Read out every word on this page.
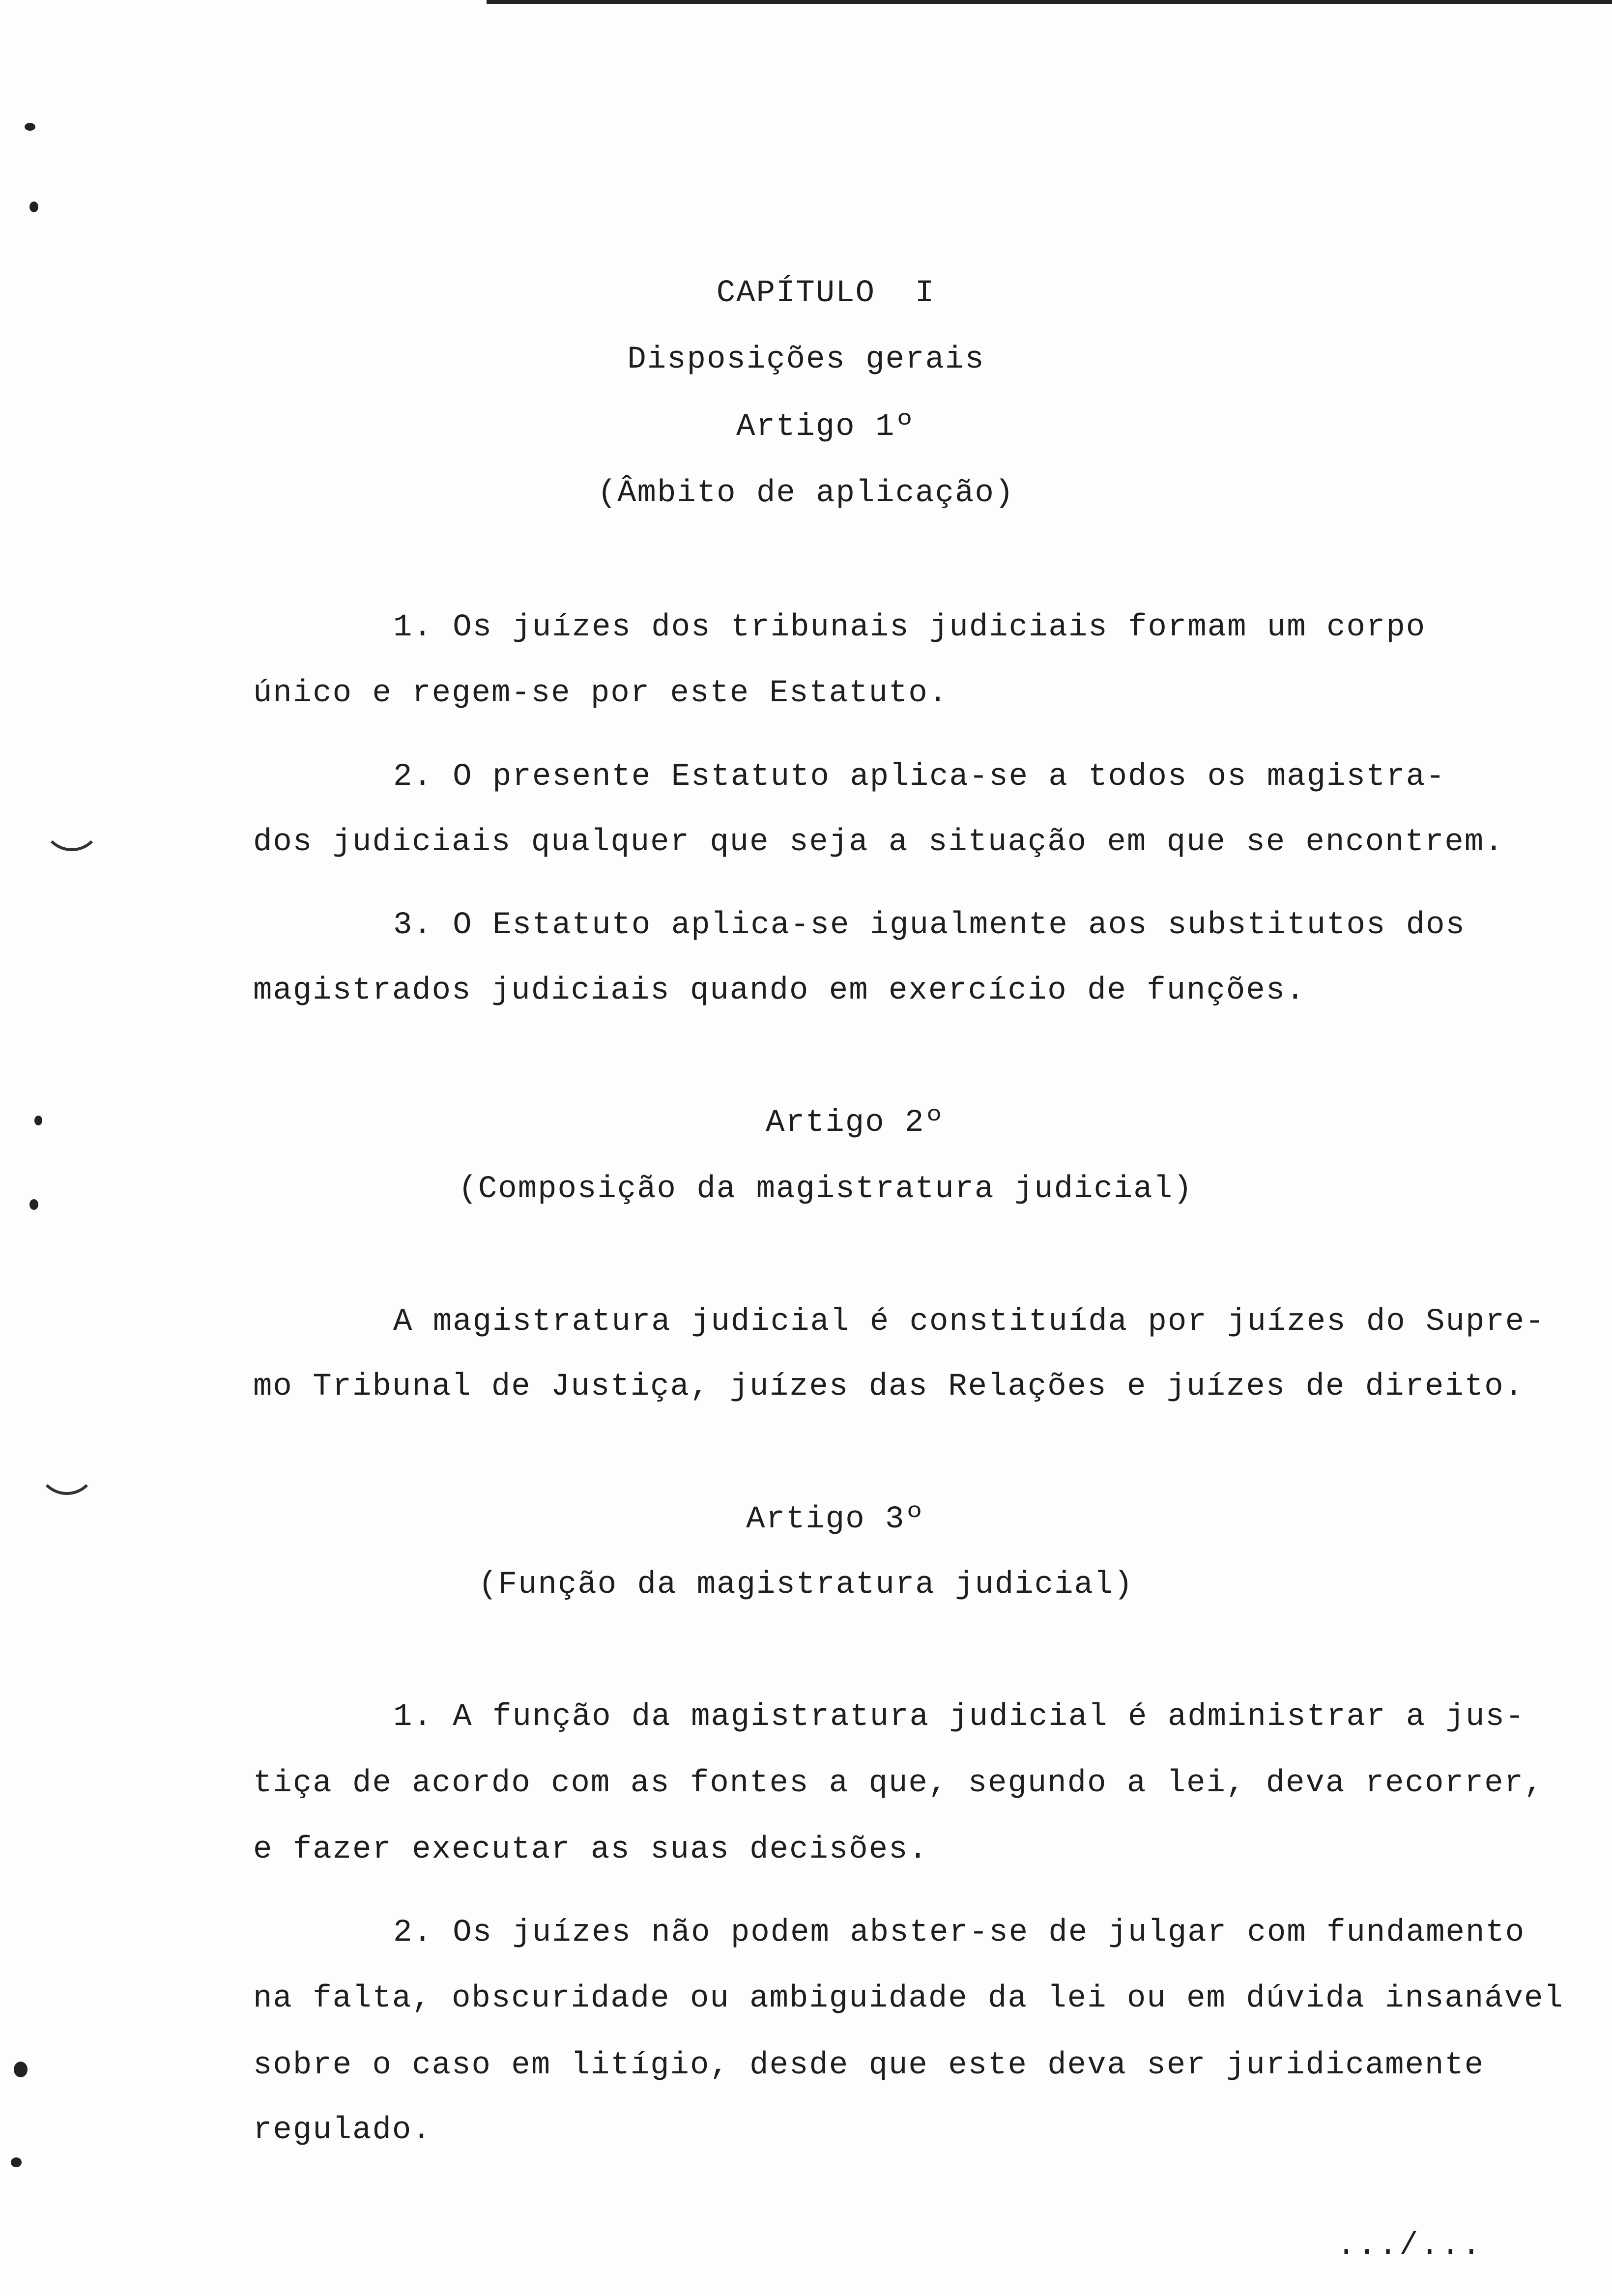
CAPÍTULO  I
Disposições gerais
Artigo 1º
(Âmbito de aplicação)
1. Os juízes dos tribunais judiciais formam um corpo
único e regem-se por este Estatuto.
2. O presente Estatuto aplica-se a todos os magistra-
dos judiciais qualquer que seja a situação em que se encontrem.
3. O Estatuto aplica-se igualmente aos substitutos dos
magistrados judiciais quando em exercício de funções.
Artigo 2º
(Composição da magistratura judicial)
A magistratura judicial é constituída por juízes do Supre-
mo Tribunal de Justiça, juízes das Relações e juízes de direito.
Artigo 3º
(Função da magistratura judicial)
1. A função da magistratura judicial é administrar a jus-
tiça de acordo com as fontes a que, segundo a lei, deva recorrer,
e fazer executar as suas decisões.
2. Os juízes não podem abster-se de julgar com fundamento
na falta, obscuridade ou ambiguidade da lei ou em dúvida insanável
sobre o caso em litígio, desde que este deva ser juridicamente
regulado.
.../...
